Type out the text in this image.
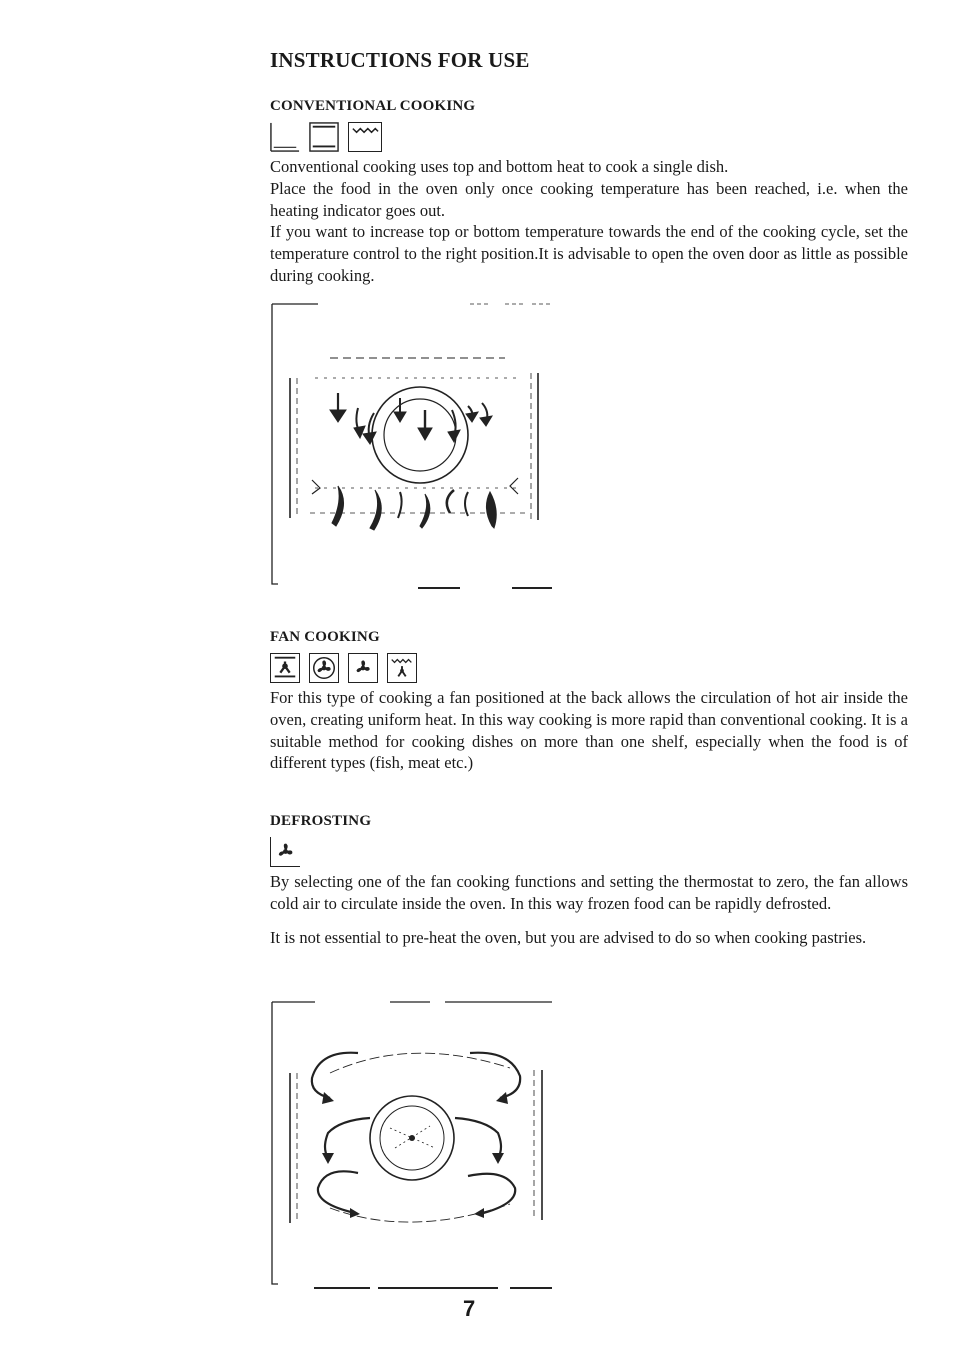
INSTRUCTIONS FOR USE
CONVENTIONAL COOKING

Conventional cooking uses top and bottom heat to cook a single dish.

Place the food in the oven only once cooking temperature has been reached, i.e. when the heating indicator goes out.

If you want to increase top or bottom temperature towards the end of the cooking cycle, set the temperature control to the right position.It is advisable to open the oven door as little as possible during cooking.

FAN COOKING

For this type of cooking a fan positioned at the back allows the circulation of hot air inside the oven, creating uniform heat. In this way cooking is more rapid than conventional cooking. It is a suitable method for cooking dishes on more than one shelf, especially when the food is of different types (fish, meat etc.)

DEFROSTING

By selecting one of the fan cooking functions and setting the thermostat to zero, the fan allows cold air to circulate inside the oven. In this way frozen food can be rapidly defrosted.

It is not essential to pre-heat the oven, but you are advised to do so when cooking pastries.

7
